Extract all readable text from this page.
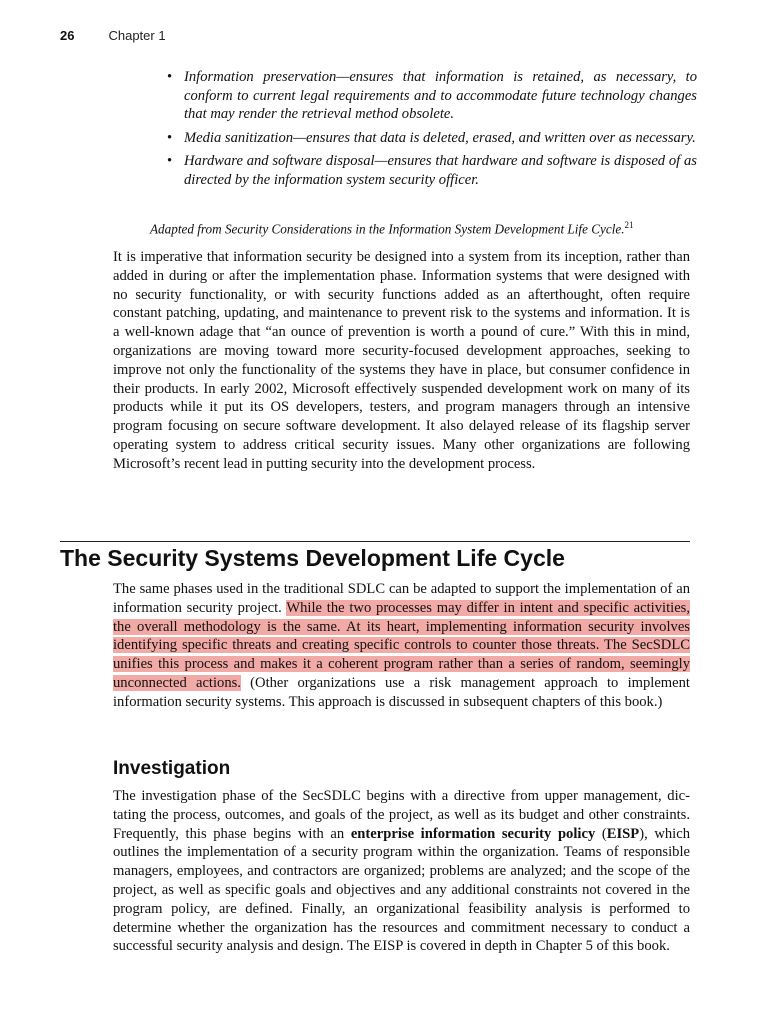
26	Chapter 1
• Information preservation—ensures that information is retained, as necessary, to conform to current legal requirements and to accommodate future technology changes that may render the retrieval method obsolete.
• Media sanitization—ensures that data is deleted, erased, and written over as necessary.
• Hardware and software disposal—ensures that hardware and software is disposed of as directed by the information system security officer.
Adapted from Security Considerations in the Information System Development Life Cycle.$^{21}$

It is imperative that information security be designed into a system from its inception, rather than added in during or after the implementation phase. Information systems that were designed with no security functionality, or with security functions added as an afterthought, often require constant patching, updating, and maintenance to prevent risk to the systems and information. It is a well-known adage that “an ounce of prevention is worth a pound of cure.” With this in mind, organizations are moving toward more security-focused development approaches, seeking to improve not only the functionality of the systems they have in place, but consumer confidence in their products. In early 2002, Microsoft effectively suspended development work on many of its products while it put its OS developers, testers, and program managers through an intensive program focusing on secure software development. It also delayed release of its flagship server operating system to address critical security issues. Many other organizations are following Microsoft’s recent lead in putting security into the development process.

The Security Systems Development Life Cycle

The same phases used in the traditional SDLC can be adapted to support the implementation of an information security project. While the two processes may differ in intent and specific activities, the overall methodology is the same. At its heart, implementing information security involves identifying specific threats and creating specific controls to counter those threats. The SecSDLC unifies this process and makes it a coherent program rather than a series of random, seemingly unconnected actions. (Other organizations use a risk management approach to implement information security systems. This approach is discussed in subsequent chapters of this book.)

Investigation

The investigation phase of the SecSDLC begins with a directive from upper management, dictating the process, outcomes, and goals of the project, as well as its budget and other constraints. Frequently, this phase begins with an enterprise information security policy (EISP), which outlines the implementation of a security program within the organization. Teams of responsible managers, employees, and contractors are organized; problems are analyzed; and the scope of the project, as well as specific goals and objectives and any additional constraints not covered in the program policy, are defined. Finally, an organizational feasibility analysis is performed to determine whether the organization has the resources and commitment necessary to conduct a successful security analysis and design. The EISP is covered in depth in Chapter 5 of this book.
